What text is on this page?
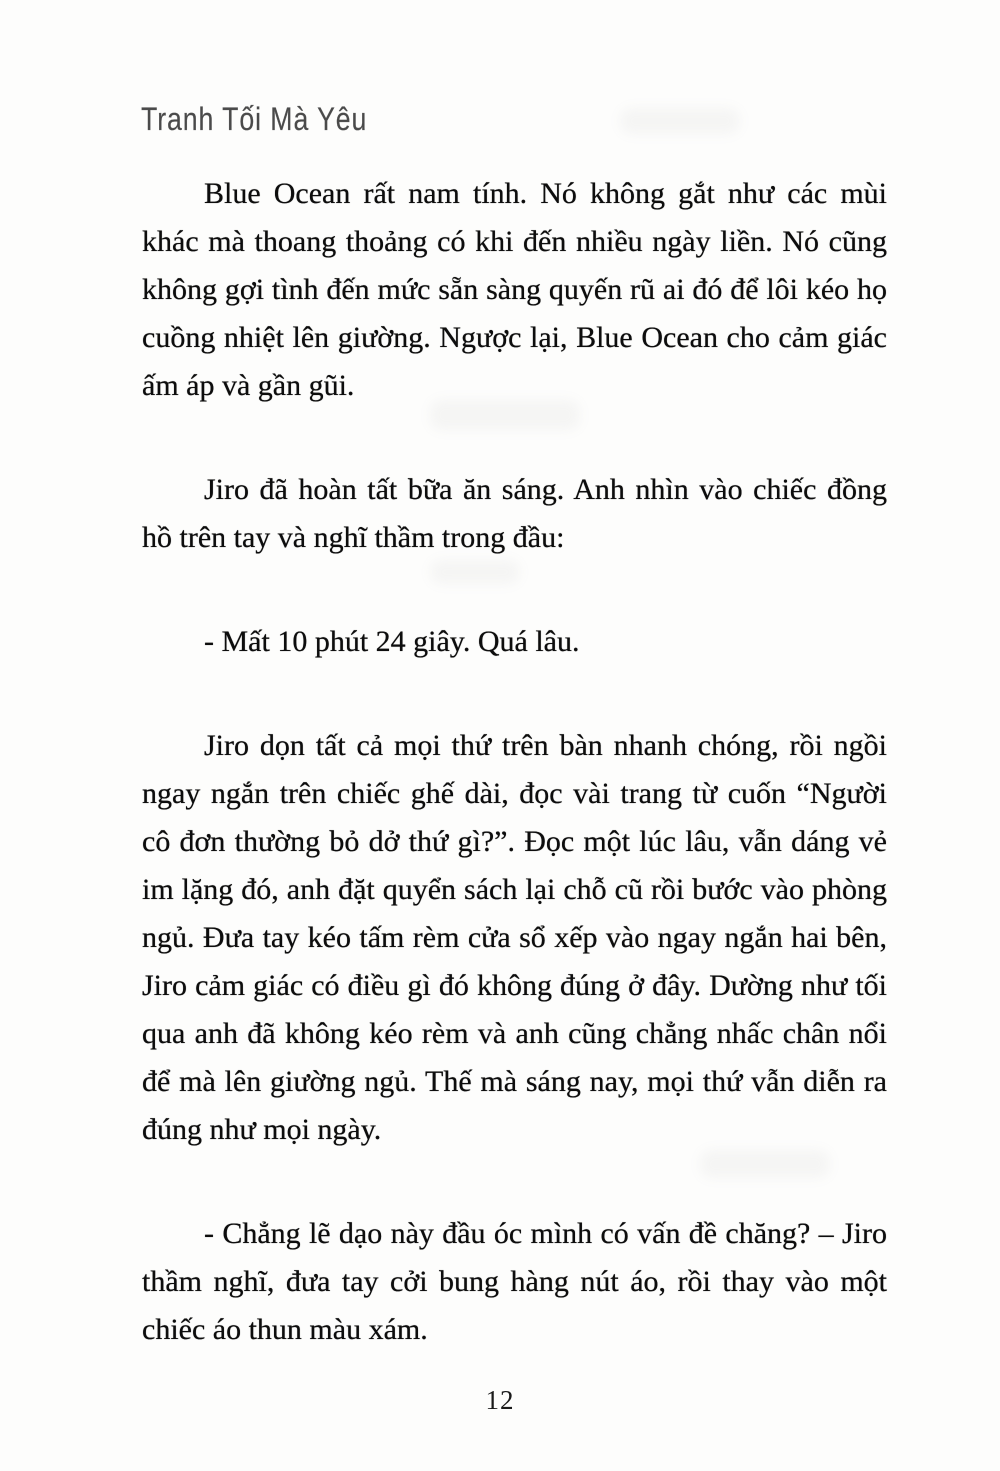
Tranh Tối Mà Yêu

Blue Ocean rất nam tính. Nó không gắt như các mùi khác mà thoang thoảng có khi đến nhiều ngày liền. Nó cũng không gợi tình đến mức sẵn sàng quyến rũ ai đó để lôi kéo họ cuồng nhiệt lên giường. Ngược lại, Blue Ocean cho cảm giác ấm áp và gần gũi.

Jiro đã hoàn tất bữa ăn sáng. Anh nhìn vào chiếc đồng hồ trên tay và nghĩ thầm trong đầu:

- Mất 10 phút 24 giây. Quá lâu.

Jiro dọn tất cả mọi thứ trên bàn nhanh chóng, rồi ngồi ngay ngắn trên chiếc ghế dài, đọc vài trang từ cuốn “Người cô đơn thường bỏ dở thứ gì?”. Đọc một lúc lâu, vẫn dáng vẻ im lặng đó, anh đặt quyển sách lại chỗ cũ rồi bước vào phòng ngủ. Đưa tay kéo tấm rèm cửa sổ xếp vào ngay ngắn hai bên, Jiro cảm giác có điều gì đó không đúng ở đây. Dường như tối qua anh đã không kéo rèm và anh cũng chẳng nhấc chân nổi để mà lên giường ngủ. Thế mà sáng nay, mọi thứ vẫn diễn ra đúng như mọi ngày.

- Chẳng lẽ dạo này đầu óc mình có vấn đề chăng? – Jiro thầm nghĩ, đưa tay cởi bung hàng nút áo, rồi thay vào một chiếc áo thun màu xám.

12
